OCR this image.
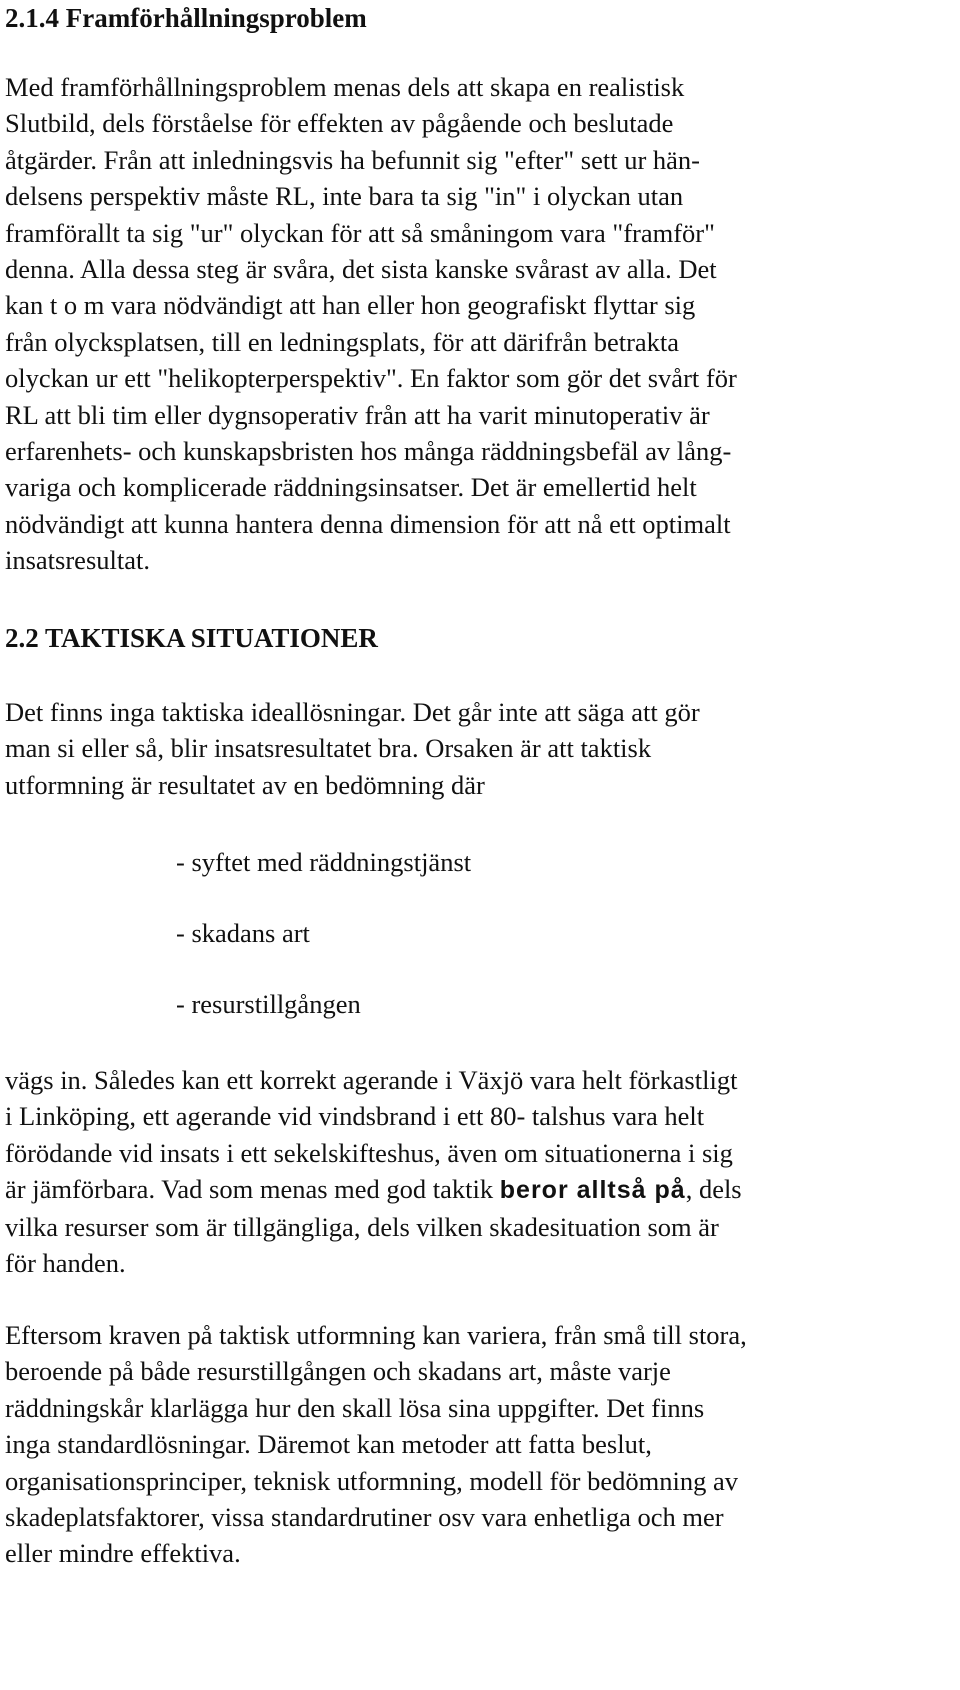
2.1.4 Framförhållningsproblem

Med framförhållningsproblem menas dels att skapa en realistisk
Slutbild, dels förståelse för effekten av pågående och beslutade
åtgärder. Från att inledningsvis ha befunnit sig "efter" sett ur hän-
delsens perspektiv måste RL, inte bara ta sig "in" i olyckan utan
framförallt ta sig "ur" olyckan för att så småningom vara "framför"
denna. Alla dessa steg är svåra, det sista kanske svårast av alla. Det
kan t o m vara nödvändigt att han eller hon geografiskt flyttar sig
från olycksplatsen, till en ledningsplats, för att därifrån betrakta
olyckan ur ett "helikopterperspektiv". En faktor som gör det svårt för
RL att bli tim eller dygnsoperativ från att ha varit minutoperativ är
erfarenhets- och kunskapsbristen hos många räddningsbefäl av lång-
variga och komplicerade räddningsinsatser. Det är emellertid helt
nödvändigt att kunna hantera denna dimension för att nå ett optimalt
insatsresultat.

2.2 TAKTISKA SITUATIONER

Det finns inga taktiska ideallösningar. Det går inte att säga att gör
man si eller så, blir insatsresultatet bra. Orsaken är att taktisk
utformning är resultatet av en bedömning där

- syftet med räddningstjänst
- skadans art
- resurstillgången

vägs in. Således kan ett korrekt agerande i Växjö vara helt förkastligt
i Linköping, ett agerande vid vindsbrand i ett 80- talshus vara helt
förödande vid insats i ett sekelskifteshus, även om situationerna i sig
är jämförbara. Vad som menas med god taktik beror alltså på, dels
vilka resurser som är tillgängliga, dels vilken skadesituation som är
för handen.

Eftersom kraven på taktisk utformning kan variera, från små till stora,
beroende på både resurstillgången och skadans art, måste varje
räddningskår klarlägga hur den skall lösa sina uppgifter. Det finns
inga standardlösningar. Däremot kan metoder att fatta beslut,
organisationsprinciper, teknisk utformning, modell för bedömning av
skadeplatsfaktorer, vissa standardrutiner osv vara enhetliga och mer
eller mindre effektiva.
